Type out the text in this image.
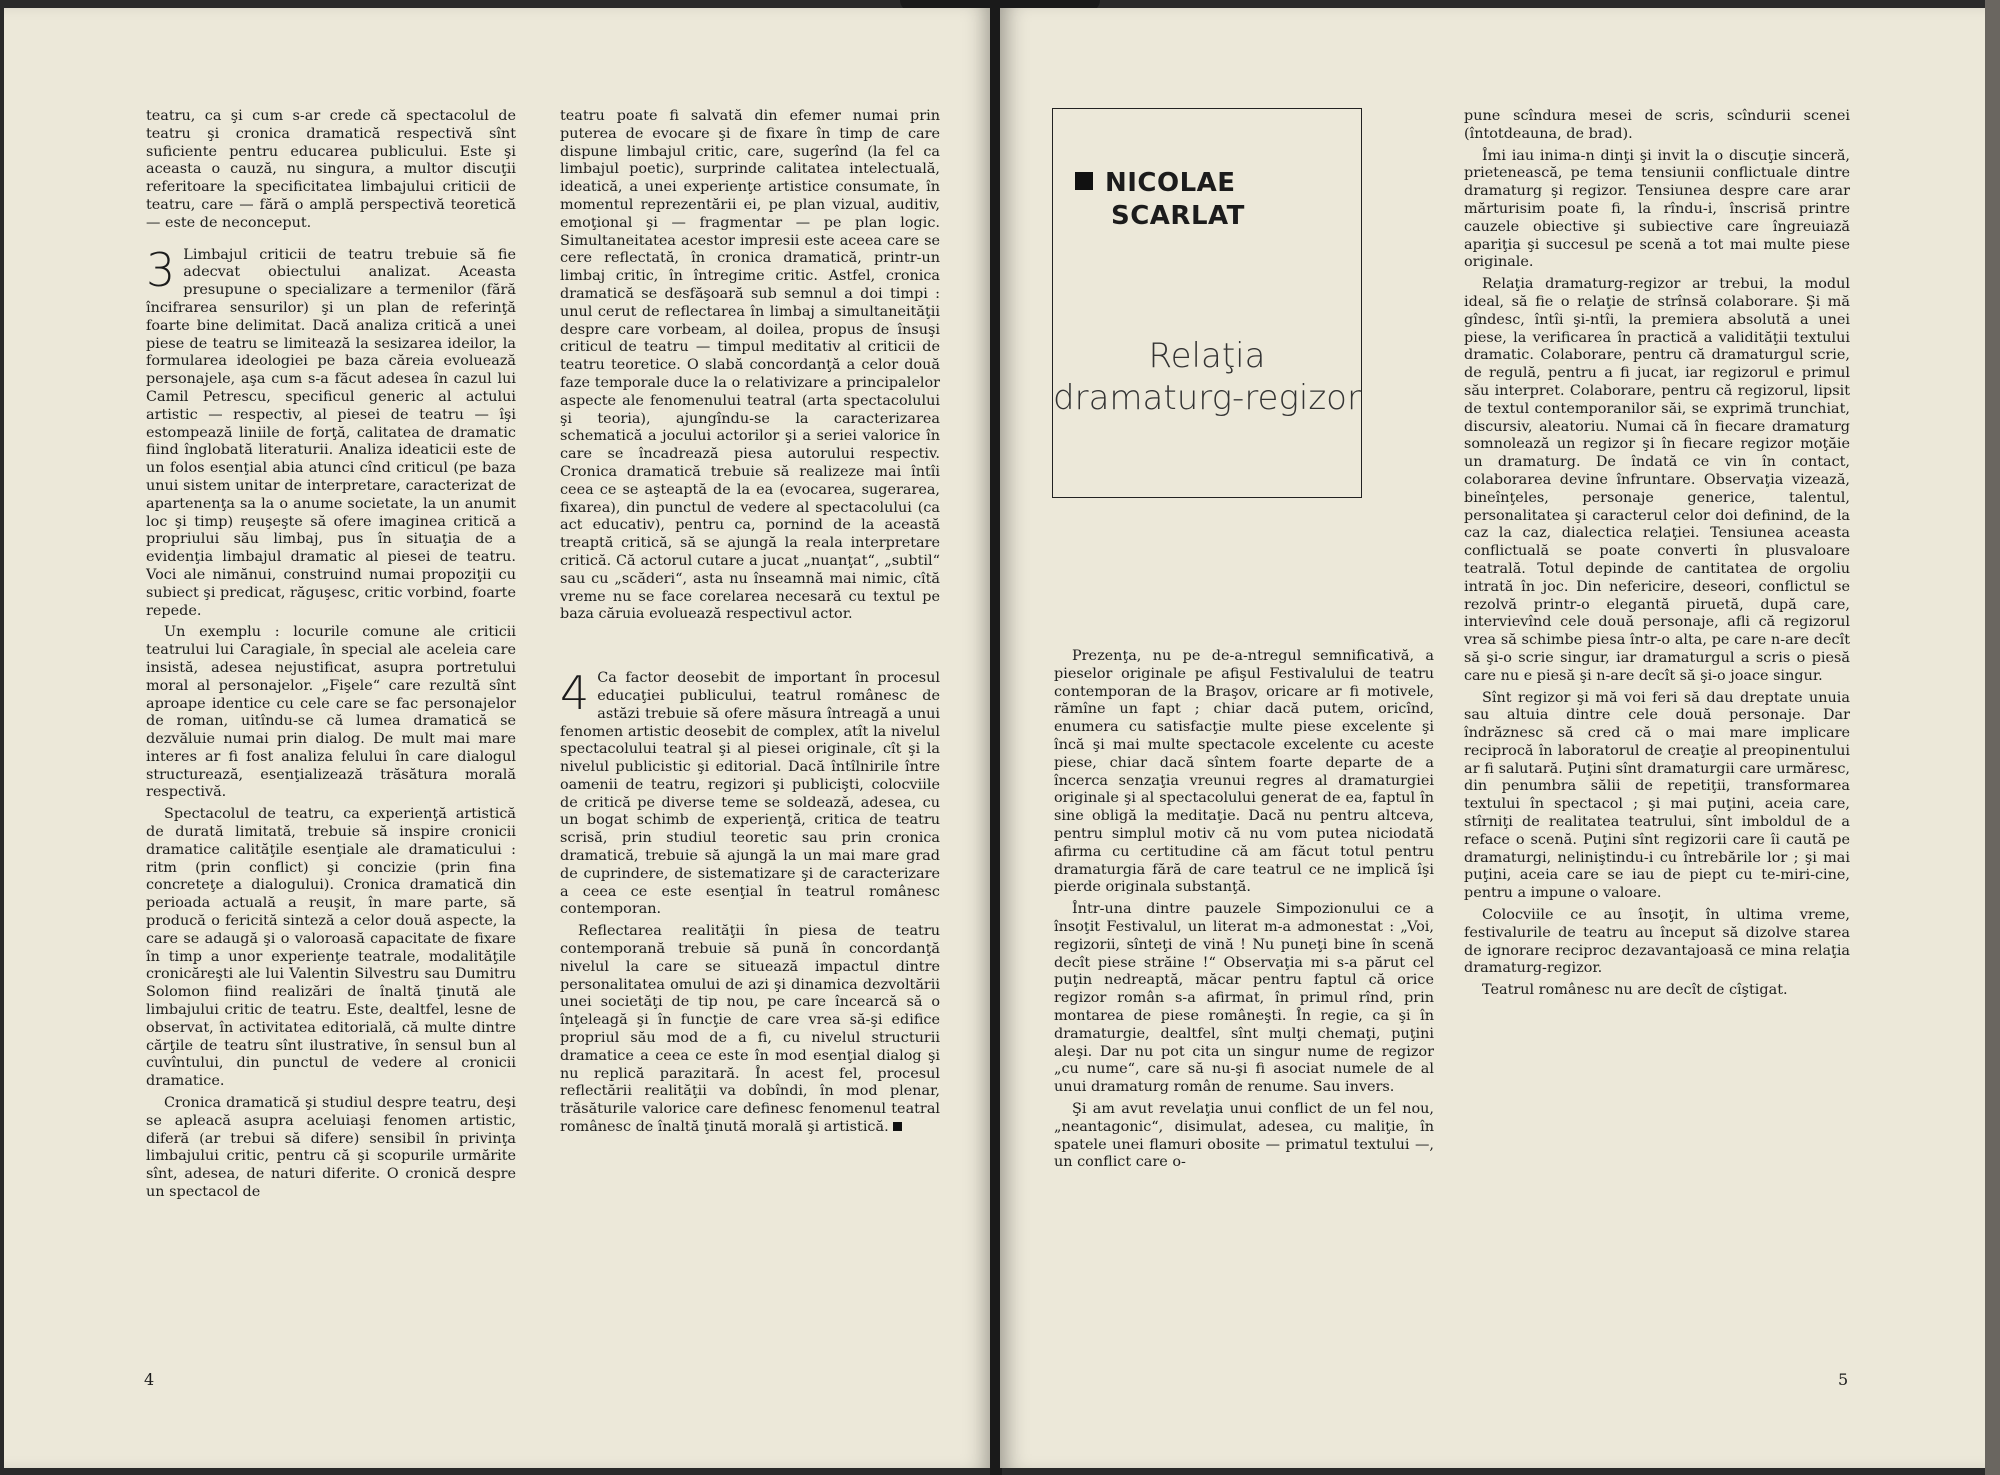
teatru, ca şi cum s-ar crede că spectacolul de teatru şi cronica dramatică respectivă sînt suficiente pentru educarea publicului. Este şi aceasta o cauză, nu singura, a multor discuţii referitoare la specificitatea limbajului criticii de teatru, care — fără o amplă perspectivă teoretică — este de neconceput.

3 Limbajul criticii de teatru trebuie să fie adecvat obiectului analizat. Aceasta presupune o specializare a termenilor (fără încifrarea sensurilor) şi un plan de referinţă foarte bine delimitat. Dacă analiza critică a unei piese de teatru se limitează la sesizarea ideilor, la formularea ideologiei pe baza căreia evoluează personajele, aşa cum s-a făcut adesea în cazul lui Camil Petrescu, specificul generic al actului artistic — respectiv, al piesei de teatru — îşi estompează liniile de forţă, calitatea de dramatic fiind înglobată literaturii. Analiza ideaticii este de un folos esenţial abia atunci cînd criticul (pe baza unui sistem unitar de interpretare, caracterizat de apartenenţa sa la o anume societate, la un anumit loc şi timp) reuşeşte să ofere imaginea critică a propriului său limbaj, pus în situaţia de a evidenţia limbajul dramatic al piesei de teatru. Voci ale nimănui, construind numai propoziţii cu subiect şi predicat, răguşesc, critic vorbind, foarte repede.

Un exemplu : locurile comune ale criticii teatrului lui Caragiale, în special ale aceleia care insistă, adesea nejustificat, asupra portretului moral al personajelor. „Fişele“ care rezultă sînt aproape identice cu cele care se fac personajelor de roman, uitîndu-se că lumea dramatică se dezvăluie numai prin dialog. De mult mai mare interes ar fi fost analiza felului în care dialogul structurează, esenţializează trăsătura morală respectivă.

Spectacolul de teatru, ca experienţă artistică de durată limitată, trebuie să inspire cronicii dramatice calităţile esenţiale ale dramaticului : ritm (prin conflict) şi concizie (prin fina concreteţe a dialogului). Cronica dramatică din perioada actuală a reuşit, în mare parte, să producă o fericită sinteză a celor două aspecte, la care se adaugă şi o valoroasă capacitate de fixare în timp a unor experienţe teatrale, modalităţile cronicăreşti ale lui Valentin Silvestru sau Dumitru Solomon fiind realizări de înaltă ţinută ale limbajului critic de teatru. Este, dealtfel, lesne de observat, în activitatea editorială, că multe dintre cărţile de teatru sînt ilustrative, în sensul bun al cuvîntului, din punctul de vedere al cronicii dramatice.

Cronica dramatică şi studiul despre teatru, deşi se apleacă asupra aceluiaşi fenomen artistic, diferă (ar trebui să difere) sensibil în privinţa limbajului critic, pentru că şi scopurile urmărite sînt, adesea, de naturi diferite. O cronică despre un spectacol de

teatru poate fi salvată din efemer numai prin puterea de evocare şi de fixare în timp de care dispune limbajul critic, care, sugerînd (la fel ca limbajul poetic), surprinde calitatea intelectuală, ideatică, a unei experienţe artistice consumate, în momentul reprezentării ei, pe plan vizual, auditiv, emoţional şi — fragmentar — pe plan logic. Simultaneitatea acestor impresii este aceea care se cere reflectată, în cronica dramatică, printr-un limbaj critic, în întregime critic. Astfel, cronica dramatică se desfăşoară sub semnul a doi timpi : unul cerut de reflectarea în limbaj a simultaneităţii despre care vorbeam, al doilea, propus de însuşi criticul de teatru — timpul meditativ al criticii de teatru teoretice. O slabă concordanţă a celor două faze temporale duce la o relativizare a principalelor aspecte ale fenomenului teatral (arta spectacolului şi teoria), ajungîndu-se la caracterizarea schematică a jocului actorilor şi a seriei valorice în care se încadrează piesa autorului respectiv. Cronica dramatică trebuie să realizeze mai întîi ceea ce se aşteaptă de la ea (evocarea, sugerarea, fixarea), din punctul de vedere al spectacolului (ca act educativ), pentru ca, pornind de la această treaptă critică, să se ajungă la reala interpretare critică. Că actorul cutare a jucat „nuanţat“, „subtil“ sau cu „scăderi“, asta nu înseamnă mai nimic, cîtă vreme nu se face corelarea necesară cu textul pe baza căruia evoluează respectivul actor.

4 Ca factor deosebit de important în procesul educaţiei publicului, teatrul românesc de astăzi trebuie să ofere măsura întreagă a unui fenomen artistic deosebit de complex, atît la nivelul spectacolului teatral şi al piesei originale, cît şi la nivelul publicistic şi editorial. Dacă întîlnirile între oamenii de teatru, regizori şi publicişti, colocviile de critică pe diverse teme se soldează, adesea, cu un bogat schimb de experienţă, critica de teatru scrisă, prin studiul teoretic sau prin cronica dramatică, trebuie să ajungă la un mai mare grad de cuprindere, de sistematizare şi de caracterizare a ceea ce este esenţial în teatrul românesc contemporan.

Reflectarea realităţii în piesa de teatru contemporană trebuie să pună în concordanţă nivelul la care se situează impactul dintre personalitatea omului de azi şi dinamica dezvoltării unei societăţi de tip nou, pe care încearcă să o înţeleagă şi în funcţie de care vrea să-şi edifice propriul său mod de a fi, cu nivelul structurii dramatice a ceea ce este în mod esenţial dialog şi nu replică parazitară. În acest fel, procesul reflectării realităţii va dobîndi, în mod plenar, trăsăturile valorice care definesc fenomenul teatral românesc de înaltă ţinută morală şi artistică.

4

Prezenţa, nu pe de-a-ntregul semnificativă, a pieselor originale pe afişul Festivalului de teatru contemporan de la Braşov, oricare ar fi motivele, rămîne un fapt ; chiar dacă putem, oricînd, enumera cu satisfacţie multe piese excelente şi încă şi mai multe spectacole excelente cu aceste piese, chiar dacă sîntem foarte departe de a încerca senzaţia vreunui regres al dramaturgiei originale şi al spectacolului generat de ea, faptul în sine obligă la meditaţie. Dacă nu pentru altceva, pentru simplul motiv că nu vom putea niciodată afirma cu certitudine că am făcut totul pentru dramaturgia fără de care teatrul ce ne implică îşi pierde originala substanţă.

Într-una dintre pauzele Simpozionului ce a însoţit Festivalul, un literat m-a admonestat : „Voi, regizorii, sînteţi de vină ! Nu puneţi bine în scenă decît piese străine !“ Observaţia mi s-a părut cel puţin nedreaptă, măcar pentru faptul că orice regizor român s-a afirmat, în primul rînd, prin montarea de piese româneşti. În regie, ca şi în dramaturgie, dealtfel, sînt mulţi chemaţi, puţini aleşi. Dar nu pot cita un singur nume de regizor „cu nume“, care să nu-şi fi asociat numele de al unui dramaturg român de renume. Sau invers.

Şi am avut revelaţia unui conflict de un fel nou, „neantagonic“, disimulat, adesea, cu maliţie, în spatele unei flamuri obosite — primatul textului —, un conflict care o-

pune scîndura mesei de scris, scîndurii scenei (întotdeauna, de brad).

Îmi iau inima-n dinţi şi invit la o discuţie sinceră, prietenească, pe tema tensiunii conflictuale dintre dramaturg şi regizor. Tensiunea despre care arar mărturisim poate fi, la rîndu-i, înscrisă printre cauzele obiective şi subiective care îngreuiază apariţia şi succesul pe scenă a tot mai multe piese originale.

Relaţia dramaturg-regizor ar trebui, la modul ideal, să fie o relaţie de strînsă colaborare. Şi mă gîndesc, întîi şi-ntîi, la premiera absolută a unei piese, la verificarea în practică a validităţii textului dramatic. Colaborare, pentru că dramaturgul scrie, de regulă, pentru a fi jucat, iar regizorul e primul său interpret. Colaborare, pentru că regizorul, lipsit de textul contemporanilor săi, se exprimă trunchiat, discursiv, aleatoriu. Numai că în fiecare dramaturg somnolează un regizor şi în fiecare regizor moţăie un dramaturg. De îndată ce vin în contact, colaborarea devine înfruntare. Observaţia vizează, bineînţeles, personaje generice, talentul, personalitatea şi caracterul celor doi definind, de la caz la caz, dialectica relaţiei. Tensiunea aceasta conflictuală se poate converti în plusvaloare teatrală. Totul depinde de cantitatea de orgoliu intrată în joc. Din nefericire, deseori, conflictul se rezolvă printr-o elegantă piruetă, după care, intervievînd cele două personaje, afli că regizorul vrea să schimbe piesa într-o alta, pe care n-are decît să şi-o scrie singur, iar dramaturgul a scris o piesă care nu e piesă şi n-are decît să şi-o joace singur.

Sînt regizor şi mă voi feri să dau dreptate unuia sau altuia dintre cele două personaje. Dar îndrăznesc să cred că o mai mare implicare reciprocă în laboratorul de creaţie al preopinentului ar fi salutară. Puţini sînt dramaturgii care urmăresc, din penumbra sălii de repetiţii, transformarea textului în spectacol ; şi mai puţini, aceia care, stîrniţi de realitatea teatrului, sînt imboldul de a reface o scenă. Puţini sînt regizorii care îi caută pe dramaturgi, neliniştindu-i cu întrebările lor ; şi mai puţini, aceia care se iau de piept cu te-miri-cine, pentru a impune o valoare.

Colocviile ce au însoţit, în ultima vreme, festivalurile de teatru au început să dizolve starea de ignorare reciproc dezavantajoasă ce mina relaţia dramaturg-regizor.

Teatrul românesc nu are decît de cîştigat.

5
NICOLAE
SCARLAT
Relaţia
dramaturg-regizor
